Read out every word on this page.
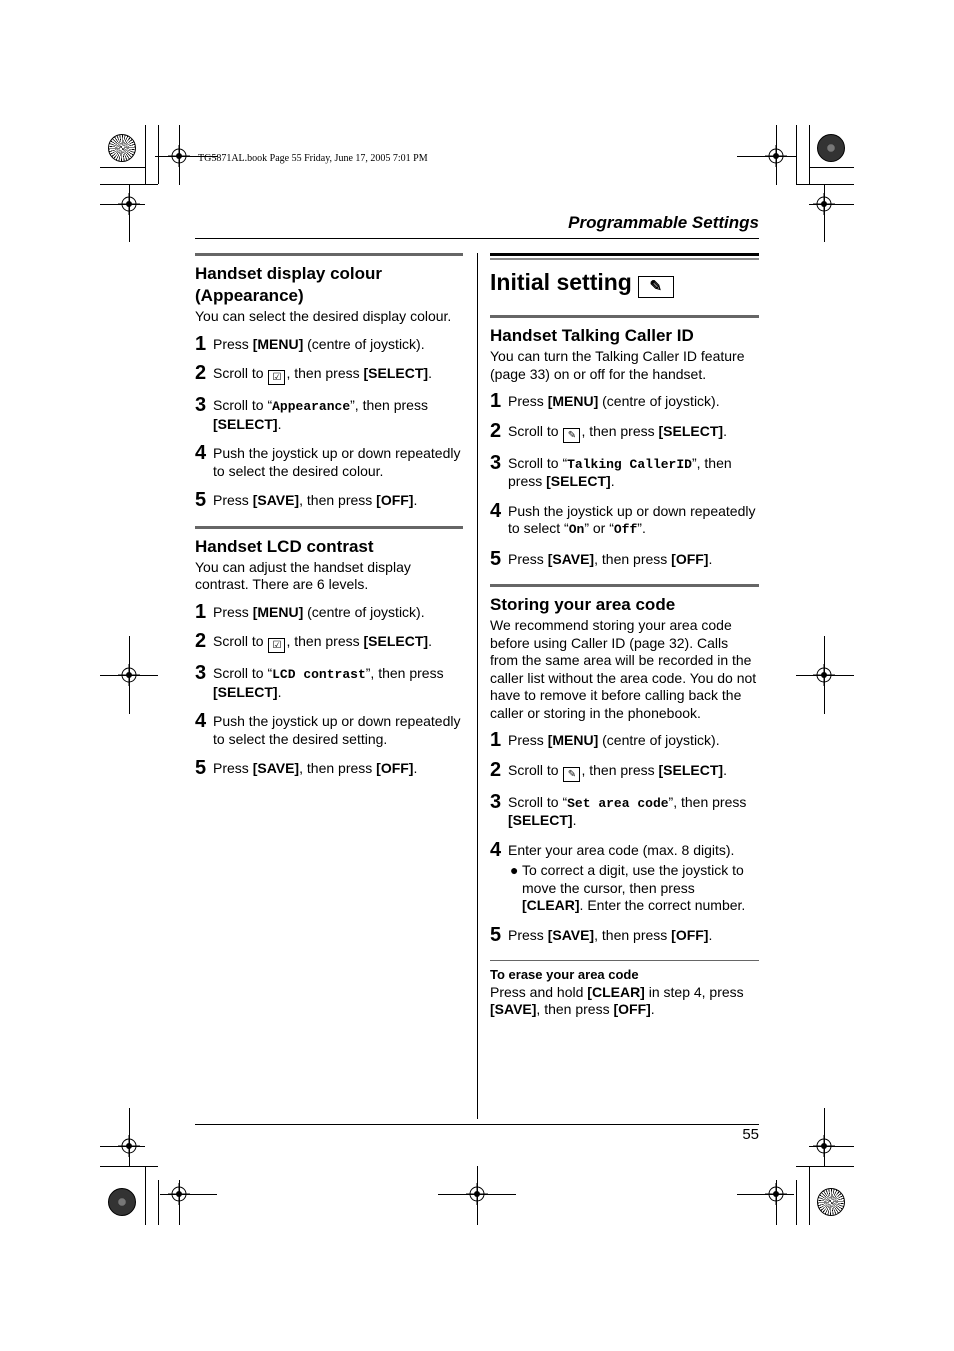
TG5871AL.book Page 55 Friday, June 17, 2005 7:01 PM
Programmable Settings
Handset display colour
(Appearance)
You can select the desired display colour.
1 Press [MENU] (centre of joystick).
2 Scroll to ☑ , then press [SELECT].
3 Scroll to “Appearance”, then press [SELECT].
4 Push the joystick up or down repeatedly to select the desired colour.
5 Press [SAVE], then press [OFF].
Handset LCD contrast
You can adjust the handset display contrast. There are 6 levels.
1 Press [MENU] (centre of joystick).
2 Scroll to ☑ , then press [SELECT].
3 Scroll to “LCD contrast”, then press [SELECT].
4 Push the joystick up or down repeatedly to select the desired setting.
5 Press [SAVE], then press [OFF].
Initial setting ✎
Handset Talking Caller ID
You can turn the Talking Caller ID feature (page 33) on or off for the handset.
1 Press [MENU] (centre of joystick).
2 Scroll to ✎ , then press [SELECT].
3 Scroll to “Talking CallerID”, then press [SELECT].
4 Push the joystick up or down repeatedly to select “On” or “Off”.
5 Press [SAVE], then press [OFF].
Storing your area code
We recommend storing your area code before using Caller ID (page 32). Calls from the same area will be recorded in the caller list without the area code. You do not have to remove it before calling back the caller or storing in the phonebook.
1 Press [MENU] (centre of joystick).
2 Scroll to ✎ , then press [SELECT].
3 Scroll to “Set area code”, then press [SELECT].
4 Enter your area code (max. 8 digits).
● To correct a digit, use the joystick to move the cursor, then press [CLEAR]. Enter the correct number.
5 Press [SAVE], then press [OFF].
To erase your area code
Press and hold [CLEAR] in step 4, press [SAVE], then press [OFF].
55
